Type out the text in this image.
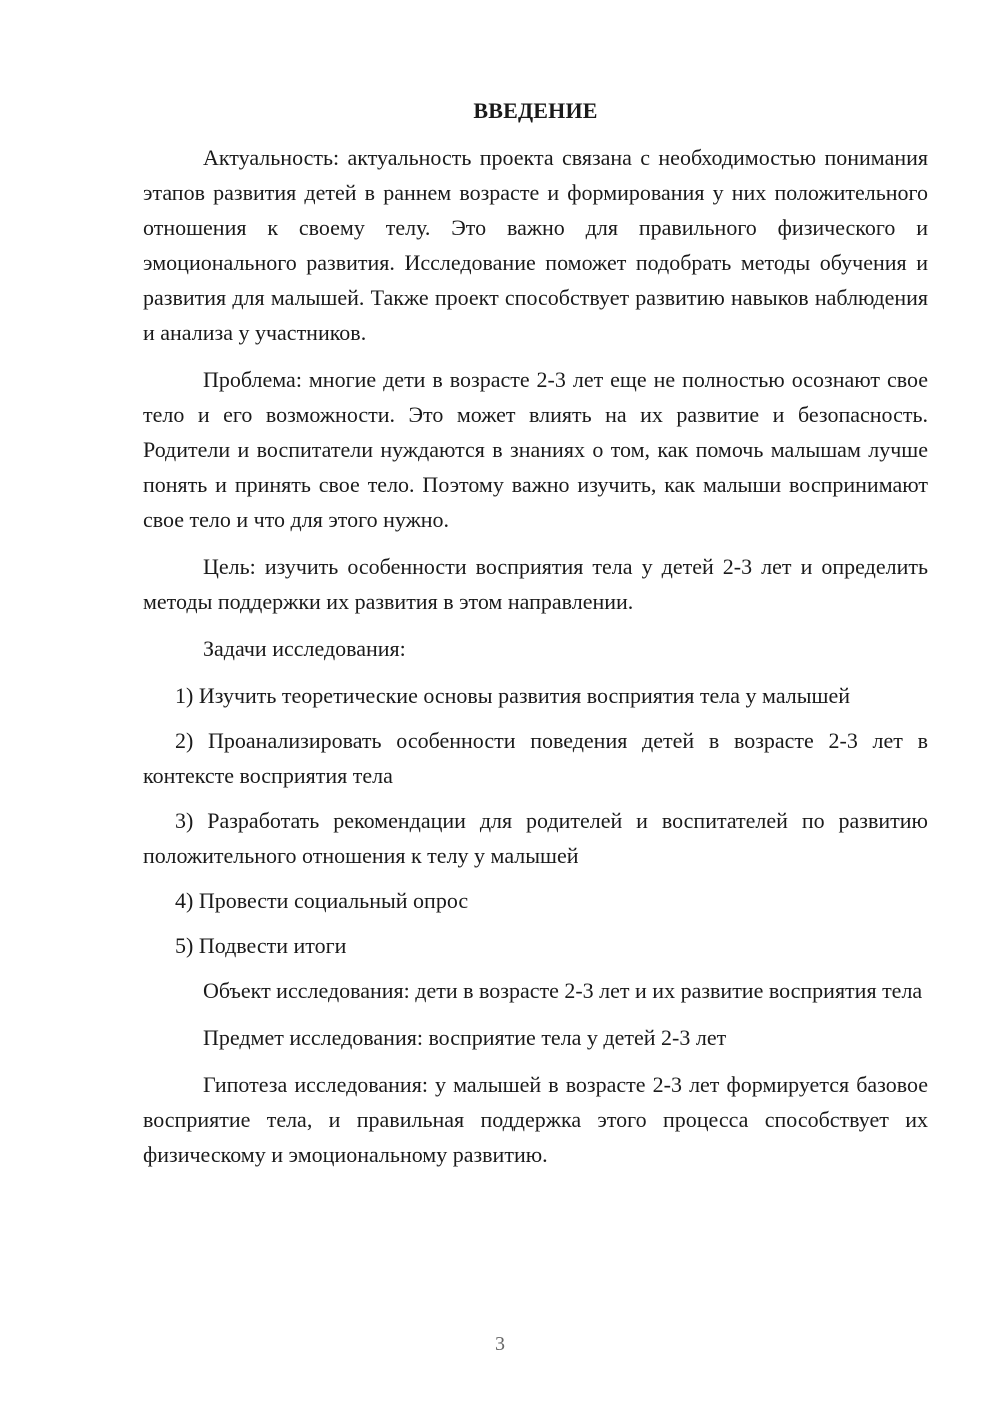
ВВЕДЕНИЕ

Актуальность: актуальность проекта связана с необходимостью понимания этапов развития детей в раннем возрасте и формирования у них положительного отношения к своему телу. Это важно для правильного физического и эмоционального развития. Исследование поможет подобрать методы обучения и развития для малышей. Также проект способствует развитию навыков наблюдения и анализа у участников.

Проблема: многие дети в возрасте 2-3 лет еще не полностью осознают свое тело и его возможности. Это может влиять на их развитие и безопасность. Родители и воспитатели нуждаются в знаниях о том, как помочь малышам лучше понять и принять свое тело. Поэтому важно изучить, как малыши воспринимают свое тело и что для этого нужно.

Цель: изучить особенности восприятия тела у детей 2-3 лет и определить методы поддержки их развития в этом направлении.

Задачи исследования:

1) Изучить теоретические основы развития восприятия тела у малышей

2) Проанализировать особенности поведения детей в возрасте 2-3 лет в контексте восприятия тела

3) Разработать рекомендации для родителей и воспитателей по развитию положительного отношения к телу у малышей

4) Провести социальный опрос

5) Подвести итоги

Объект исследования: дети в возрасте 2-3 лет и их развитие восприятия тела

Предмет исследования: восприятие тела у детей 2-3 лет

Гипотеза исследования: у малышей в возрасте 2-3 лет формируется базовое восприятие тела, и правильная поддержка этого процесса способствует их физическому и эмоциональному развитию.

3
